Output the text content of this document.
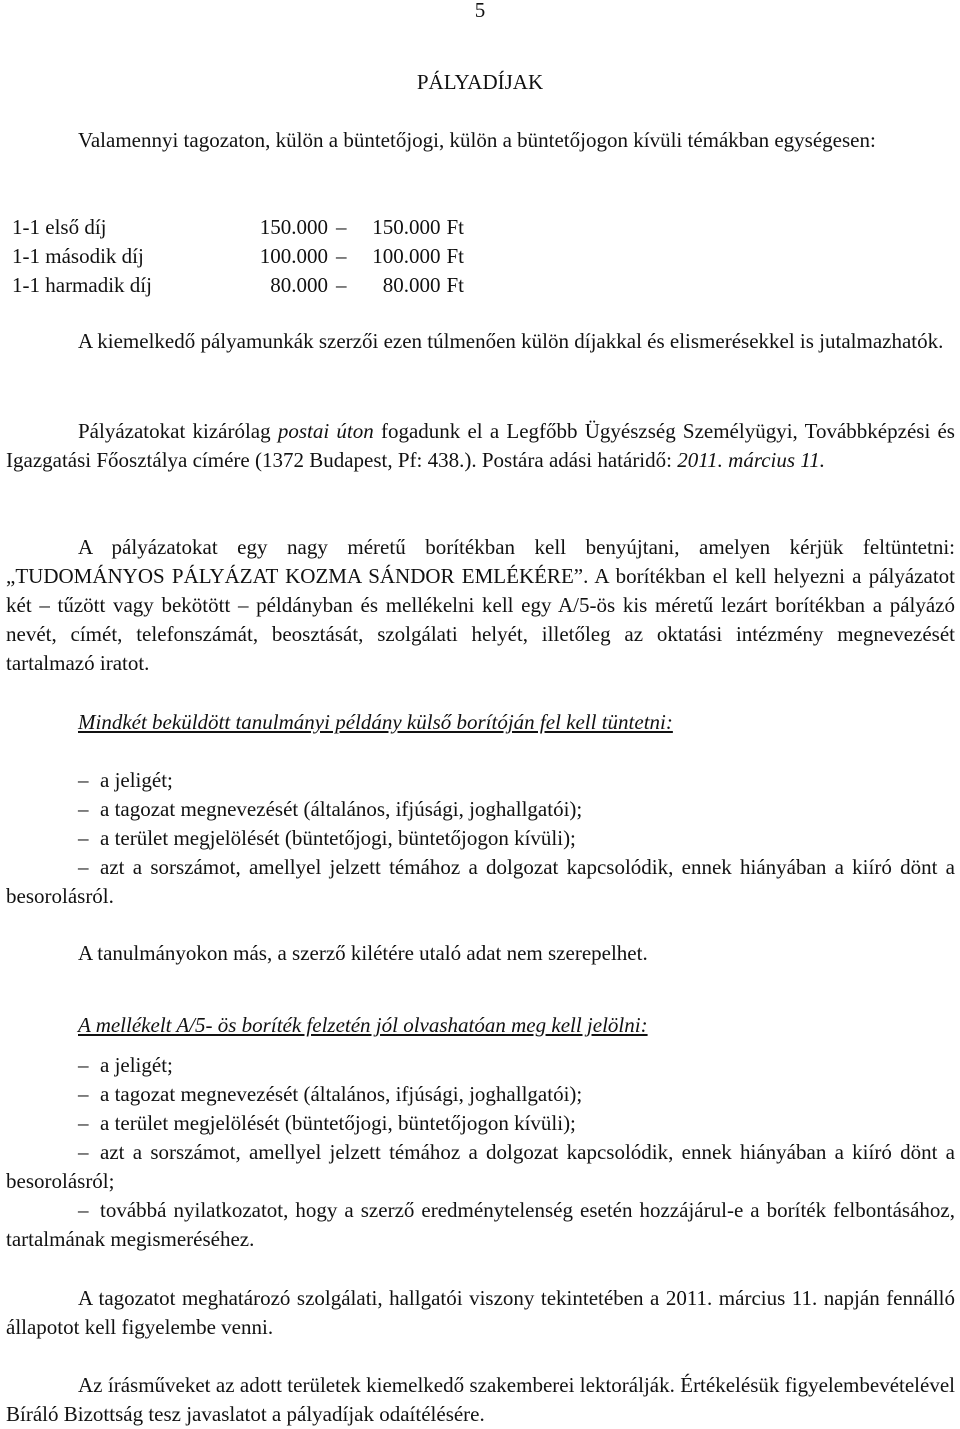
5
PÁLYADÍJAK

Valamennyi tagozaton, külön a büntetőjogi, külön a büntetőjogon kívüli témákban egységesen:

1-1 első díj	150.000 –	150.000 Ft
1-1 második díj	100.000 –	100.000 Ft
1-1 harmadik díj	80.000 –	80.000 Ft

A kiemelkedő pályamunkák szerzői ezen túlmenően külön díjakkal és elismerésekkel is jutalmazhatók.

Pályázatokat kizárólag postai úton fogadunk el a Legfőbb Ügyészség Személyügyi, Továbbképzési és Igazgatási Főosztálya címére (1372 Budapest, Pf: 438.). Postára adási határidő: 2011. március 11.

A pályázatokat egy nagy méretű borítékban kell benyújtani, amelyen kérjük feltüntetni: „TUDOMÁNYOS PÁLYÁZAT KOZMA SÁNDOR EMLÉKÉRE”. A borítékban el kell helyezni a pályázatot két – tűzött vagy bekötött – példányban és mellékelni kell egy A/5-ös kis méretű lezárt borítékban a pályázó nevét, címét, telefonszámát, beosztását, szolgálati helyét, illetőleg az oktatási intézmény megnevezését tartalmazó iratot.

Mindkét beküldött tanulmányi példány külső borítóján fel kell tüntetni:

– a jeligét;

– a tagozat megnevezését (általános, ifjúsági, joghallgatói);

– a terület megjelölését (büntetőjogi, büntetőjogon kívüli);

– azt a sorszámot, amellyel jelzett témához a dolgozat kapcsolódik, ennek hiányában a kiíró dönt a besorolásról.

A tanulmányokon más, a szerző kilétére utaló adat nem szerepelhet.

A mellékelt A/5- ös boríték felzetén jól olvashatóan meg kell jelölni:

– a jeligét;

– a tagozat megnevezését (általános, ifjúsági, joghallgatói);

– a terület megjelölését (büntetőjogi, büntetőjogon kívüli);

– azt a sorszámot, amellyel jelzett témához a dolgozat kapcsolódik, ennek hiányában a kiíró dönt a besorolásról;

– továbbá nyilatkozatot, hogy a szerző eredménytelenség esetén hozzájárul-e a boríték felbontásához, tartalmának megismeréséhez.

A tagozatot meghatározó szolgálati, hallgatói viszony tekintetében a 2011. március 11. napján fennálló állapotot kell figyelembe venni.

Az írásműveket az adott területek kiemelkedő szakemberei lektorálják. Értékelésük figyelembevételével Bíráló Bizottság tesz javaslatot a pályadíjak odaítélésére.
